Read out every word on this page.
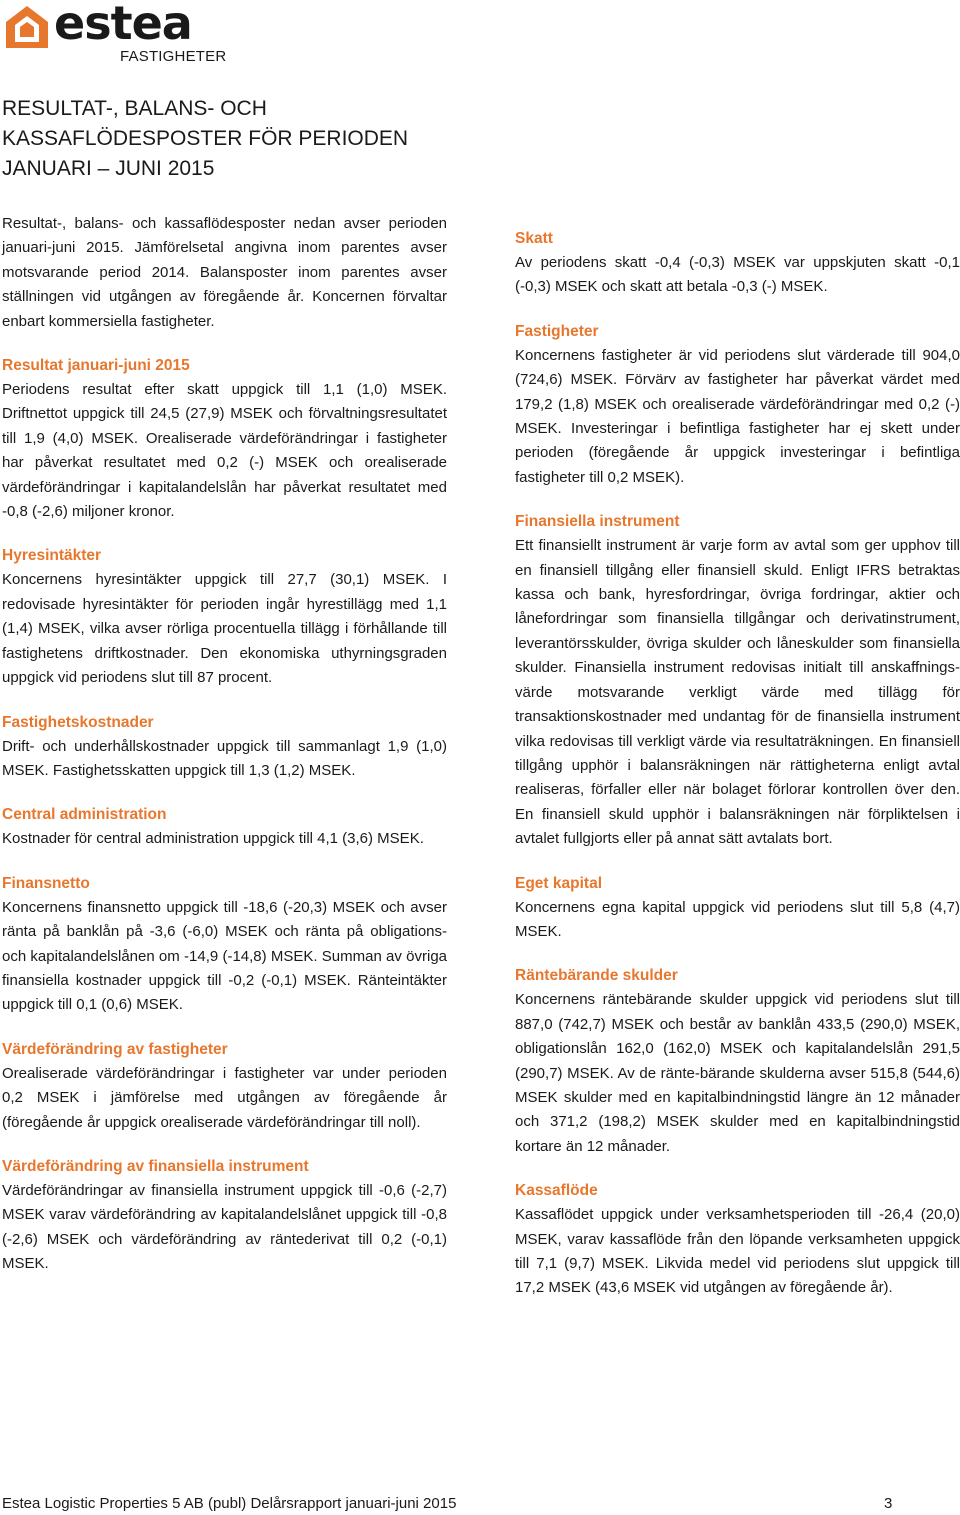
estea
FASTIGHETER
RESULTAT-, BALANS- OCH
KASSAFLÖDESPOSTER FÖR PERIODEN
JANUARI – JUNI 2015

Resultat-, balans- och kassaflödesposter nedan avser perioden januari-juni 2015. Jämförelsetal angivna inom parentes avser motsvarande period 2014. Balansposter inom parentes avser ställningen vid utgången av föregående år. Koncernen förvaltar enbart kommersiella fastigheter.

Resultat januari-juni 2015

Periodens resultat efter skatt uppgick till 1,1 (1,0) MSEK. Driftnettot uppgick till 24,5 (27,9) MSEK och förvaltningsresultatet till 1,9 (4,0) MSEK. Orealiserade värdeförändringar i fastigheter har påverkat resultatet med 0,2 (-) MSEK och orealiserade värdeförändringar i kapitalandelslån har påverkat resultatet med -0,8 (-2,6) miljoner kronor.

Hyresintäkter

Koncernens hyresintäkter uppgick till 27,7 (30,1) MSEK. I redovisade hyresintäkter för perioden ingår hyrestillägg med 1,1 (1,4) MSEK, vilka avser rörliga procentuella tillägg i förhållande till fastighetens driftkostnader. Den ekonomiska uthyrningsgraden uppgick vid periodens slut till 87 procent.

Fastighetskostnader

Drift- och underhållskostnader uppgick till sammanlagt 1,9 (1,0) MSEK. Fastighetsskatten uppgick till 1,3 (1,2) MSEK.

Central administration

Kostnader för central administration uppgick till 4,1 (3,6) MSEK.

Finansnetto

Koncernens finansnetto uppgick till -18,6 (-20,3) MSEK och avser ränta på banklån på -3,6 (-6,0) MSEK och ränta på obligations- och kapitalandelslånen om -14,9 (-14,8) MSEK. Summan av övriga finansiella kostnader uppgick till -0,2 (-0,1) MSEK. Ränteintäkter uppgick till 0,1 (0,6) MSEK.

Värdeförändring av fastigheter

Orealiserade värdeförändringar i fastigheter var under perioden 0,2 MSEK i jämförelse med utgången av föregående år (föregående år uppgick orealiserade värdeförändringar till noll).

Värdeförändring av finansiella instrument

Värdeförändringar av finansiella instrument uppgick till -0,6 (-2,7) MSEK varav värdeförändring av kapitalandelslånet uppgick till -0,8 (-2,6) MSEK och värdeförändring av räntederivat till 0,2 (-0,1) MSEK.

Skatt

Av periodens skatt -0,4 (-0,3) MSEK var uppskjuten skatt -0,1 (-0,3) MSEK och skatt att betala -0,3 (-) MSEK.

Fastigheter

Koncernens fastigheter är vid periodens slut värderade till 904,0 (724,6) MSEK. Förvärv av fastigheter har påverkat värdet med 179,2 (1,8) MSEK och orealiserade värdeförändringar med 0,2 (-) MSEK. Investeringar i befintliga fastigheter har ej skett under perioden (föregående år uppgick investeringar i befintliga fastigheter till 0,2 MSEK).

Finansiella instrument

Ett finansiellt instrument är varje form av avtal som ger upphov till en finansiell tillgång eller finansiell skuld. Enligt IFRS betraktas kassa och bank, hyresfordringar, övriga fordringar, aktier och lånefordringar som finansiella tillgångar och derivatinstrument, leverantörsskulder, övriga skulder och låneskulder som finansiella skulder. Finansiella instrument redovisas initialt till anskaffnings-värde motsvarande verkligt värde med tillägg för transaktionskostnader med undantag för de finansiella instrument vilka redovisas till verkligt värde via resultaträkningen. En finansiell tillgång upphör i balansräkningen när rättigheterna enligt avtal realiseras, förfaller eller när bolaget förlorar kontrollen över den. En finansiell skuld upphör i balansräkningen när förpliktelsen i avtalet fullgjorts eller på annat sätt avtalats bort.

Eget kapital

Koncernens egna kapital uppgick vid periodens slut till 5,8 (4,7) MSEK.

Räntebärande skulder

Koncernens räntebärande skulder uppgick vid periodens slut till 887,0 (742,7) MSEK och består av banklån 433,5 (290,0) MSEK, obligationslån 162,0 (162,0) MSEK och kapitalandelslån 291,5 (290,7) MSEK. Av de ränte-bärande skulderna avser 515,8 (544,6) MSEK skulder med en kapitalbindningstid längre än 12 månader och 371,2 (198,2) MSEK skulder med en kapitalbindningstid kortare än 12 månader.

Kassaflöde

Kassaflödet uppgick under verksamhetsperioden till -26,4 (20,0) MSEK, varav kassaflöde från den löpande verksamheten uppgick till 7,1 (9,7) MSEK. Likvida medel vid periodens slut uppgick till 17,2 MSEK (43,6 MSEK vid utgången av föregående år).

Estea Logistic Properties 5 AB (publ) Delårsrapport januari-juni 2015	3
